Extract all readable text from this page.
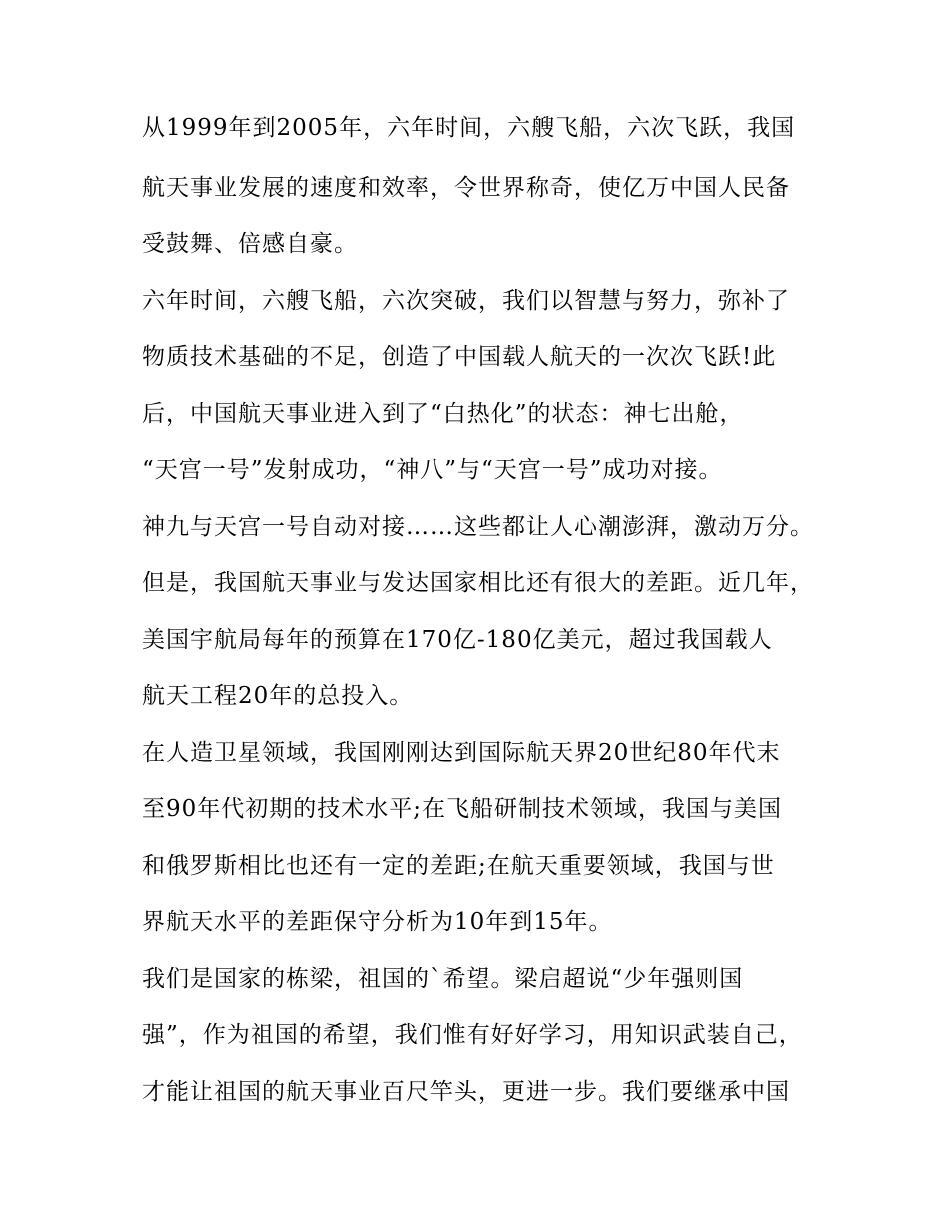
从1999年到2005年，六年时间，六艘飞船，六次飞跃，我国
航天事业发展的速度和效率，令世界称奇，使亿万中国人民备
受鼓舞、倍感自豪。
六年时间，六艘飞船，六次突破，我们以智慧与努力，弥补了
物质技术基础的不足，创造了中国载人航天的一次次飞跃!此
后，中国航天事业进入到了“白热化”的状态：神七出舱，
“天宫一号”发射成功，“神八”与“天宫一号”成功对接。
神九与天宫一号自动对接……这些都让人心潮澎湃，激动万分。
但是，我国航天事业与发达国家相比还有很大的差距。近几年，
美国宇航局每年的预算在170亿-180亿美元，超过我国载人
航天工程20年的总投入。
在人造卫星领域，我国刚刚达到国际航天界20世纪80年代末
至90年代初期的技术水平;在飞船研制技术领域，我国与美国
和俄罗斯相比也还有一定的差距;在航天重要领域，我国与世
界航天水平的差距保守分析为10年到15年。
我们是国家的栋梁，祖国的`希望。梁启超说“少年强则国
强”，作为祖国的希望，我们惟有好好学习，用知识武装自己，
才能让祖国的航天事业百尺竿头，更进一步。我们要继承中国
